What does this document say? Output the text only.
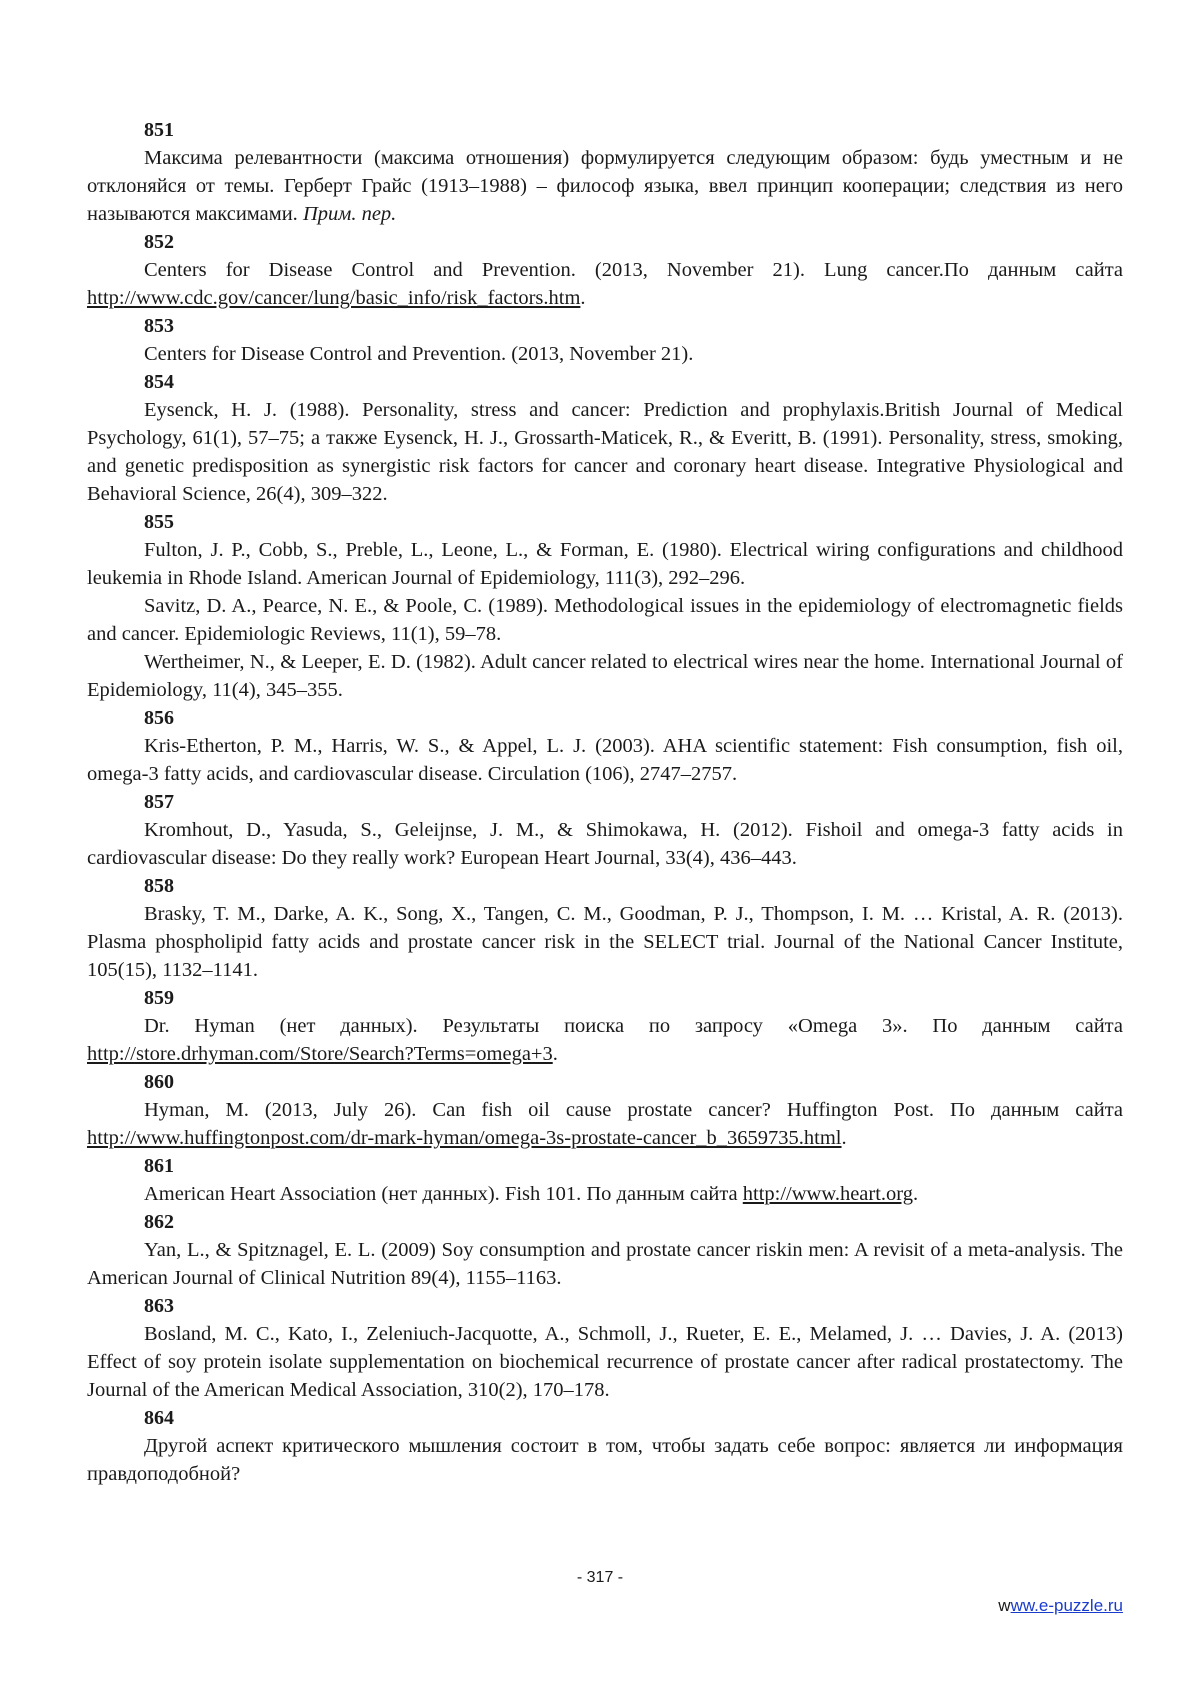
851

Максима релевантности (максима отношения) формулируется следующим образом: будь уместным и не отклоняйся от темы. Герберт Грайс (1913–1988) – философ языка, ввел принцип кооперации; следствия из него называются максимами. Прим. пер.

852

Centers for Disease Control and Prevention. (2013, November 21). Lung cancer.По данным сайта http://www.cdc.gov/cancer/lung/basic_info/risk_factors.htm.

853

Centers for Disease Control and Prevention. (2013, November 21).

854

Eysenck, H. J. (1988). Personality, stress and cancer: Prediction and prophylaxis.British Journal of Medical Psychology, 61(1), 57–75; а также Eysenck, H. J., Grossarth-Maticek, R., & Everitt, B. (1991). Personality, stress, smoking, and genetic predisposition as synergistic risk factors for cancer and coronary heart disease. Integrative Physiological and Behavioral Science, 26(4), 309–322.

855

Fulton, J. P., Cobb, S., Preble, L., Leone, L., & Forman, E. (1980). Electrical wiring configurations and childhood leukemia in Rhode Island. American Journal of Epidemiology, 111(3), 292–296.

Savitz, D. A., Pearce, N. E., & Poole, C. (1989). Methodological issues in the epidemiology of electromagnetic fields and cancer. Epidemiologic Reviews, 11(1), 59–78.

Wertheimer, N., & Leeper, E. D. (1982). Adult cancer related to electrical wires near the home. International Journal of Epidemiology, 11(4), 345–355.

856

Kris-Etherton, P. M., Harris, W. S., & Appel, L. J. (2003). AHA scientific statement: Fish consumption, fish oil, omega-3 fatty acids, and cardiovascular disease. Circulation (106), 2747–2757.

857

Kromhout, D., Yasuda, S., Geleijnse, J. M., & Shimokawa, H. (2012). Fishoil and omega-3 fatty acids in cardiovascular disease: Do they really work? European Heart Journal, 33(4), 436–443.

858

Brasky, T. M., Darke, A. K., Song, X., Tangen, C. M., Goodman, P. J., Thompson, I. M. … Kristal, A. R. (2013). Plasma phospholipid fatty acids and prostate cancer risk in the SELECT trial. Journal of the National Cancer Institute, 105(15), 1132–1141.

859

Dr. Hyman (нет данных). Результаты поиска по запросу «Omega 3». По данным сайта http://store.drhyman.com/Store/Search?Terms=omega+3.

860

Hyman, M. (2013, July 26). Can fish oil cause prostate cancer? Huffington Post. По данным сайта http://www.huffingtonpost.com/dr-mark-hyman/omega-3s-prostate-cancer_b_3659735.html.

861

American Heart Association (нет данных). Fish 101. По данным сайта http://www.heart.org.

862

Yan, L., & Spitznagel, E. L. (2009) Soy consumption and prostate cancer riskin men: A revisit of a meta-analysis. The American Journal of Clinical Nutrition 89(4), 1155–1163.

863

Bosland, M. C., Kato, I., Zeleniuch-Jacquotte, A., Schmoll, J., Rueter, E. E., Melamed, J. … Davies, J. A. (2013) Effect of soy protein isolate supplementation on biochemical recurrence of prostate cancer after radical prostatectomy. The Journal of the American Medical Association, 310(2), 170–178.

864

Другой аспект критического мышления состоит в том, чтобы задать себе вопрос: является ли информация правдоподобной?

- 317 -
www.e-puzzle.ru
